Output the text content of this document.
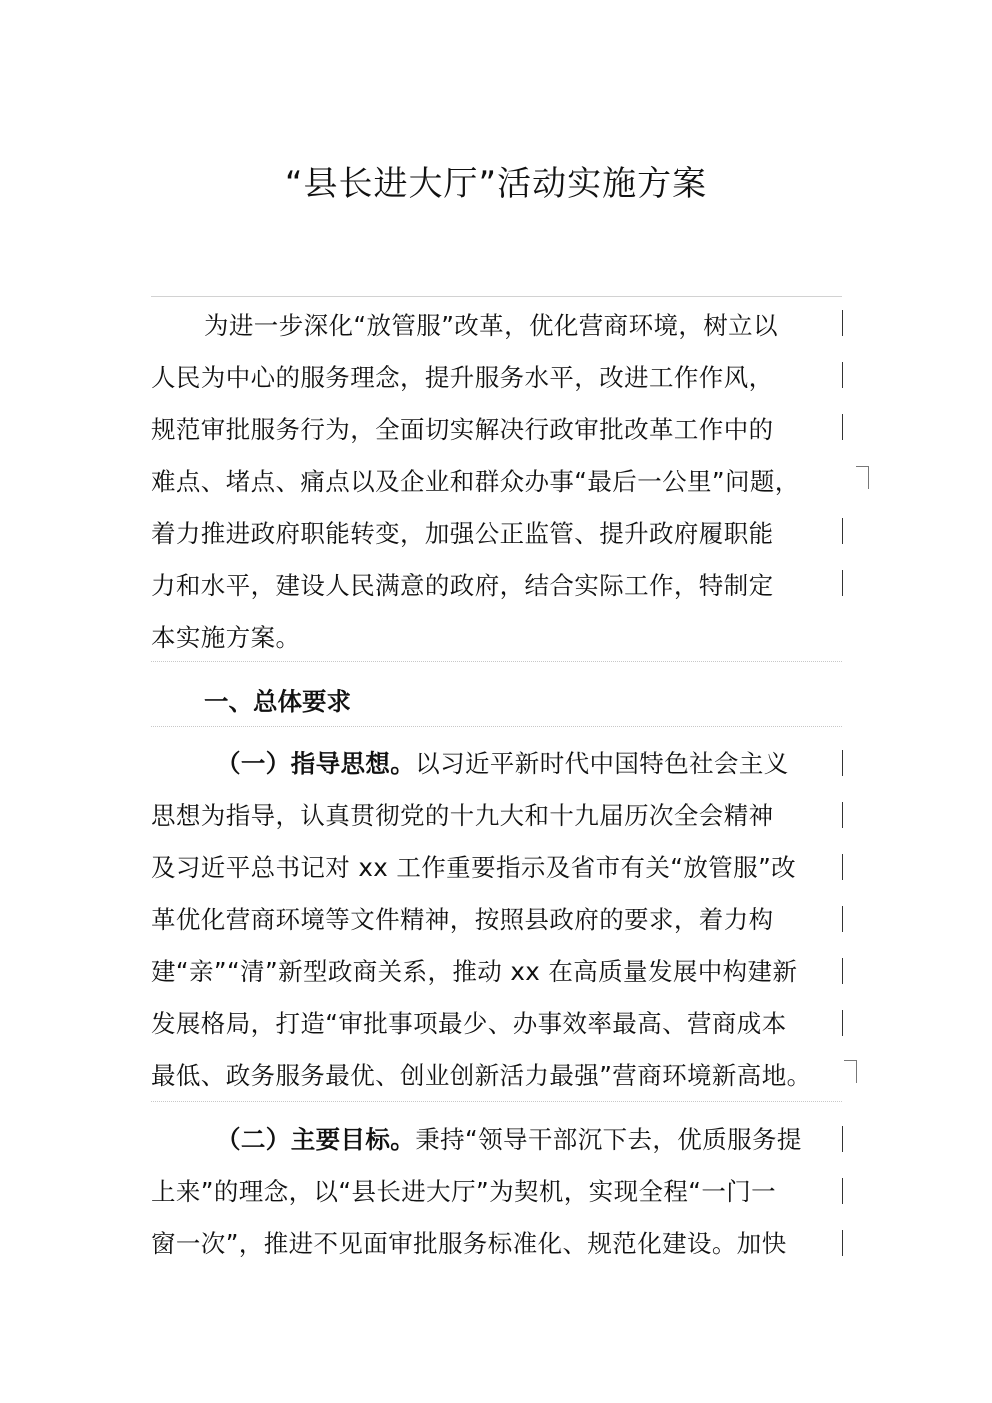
“县长进大厅”活动实施方案
为进一步深化“放管服”改革，优化营商环境，树立以
人民为中心的服务理念，提升服务水平，改进工作作风，
规范审批服务行为，全面切实解决行政审批改革工作中的
难点、堵点、痛点以及企业和群众办事“最后一公里”问题，
着力推进政府职能转变，加强公正监管、提升政府履职能
力和水平，建设人民满意的政府，结合实际工作，特制定
本实施方案。
一、总体要求
（一）指导思想。以习近平新时代中国特色社会主义
思想为指导，认真贯彻党的十九大和十九届历次全会精神
及习近平总书记对 xx 工作重要指示及省市有关“放管服”改
革优化营商环境等文件精神，按照县政府的要求，着力构
建“亲”“清”新型政商关系，推动 xx 在高质量发展中构建新
发展格局，打造“审批事项最少、办事效率最高、营商成本
最低、政务服务最优、创业创新活力最强”营商环境新高地。
（二）主要目标。秉持“领导干部沉下去，优质服务提
上来”的理念，以“县长进大厅”为契机，实现全程“一门一
窗一次”，推进不见面审批服务标准化、规范化建设。加快
